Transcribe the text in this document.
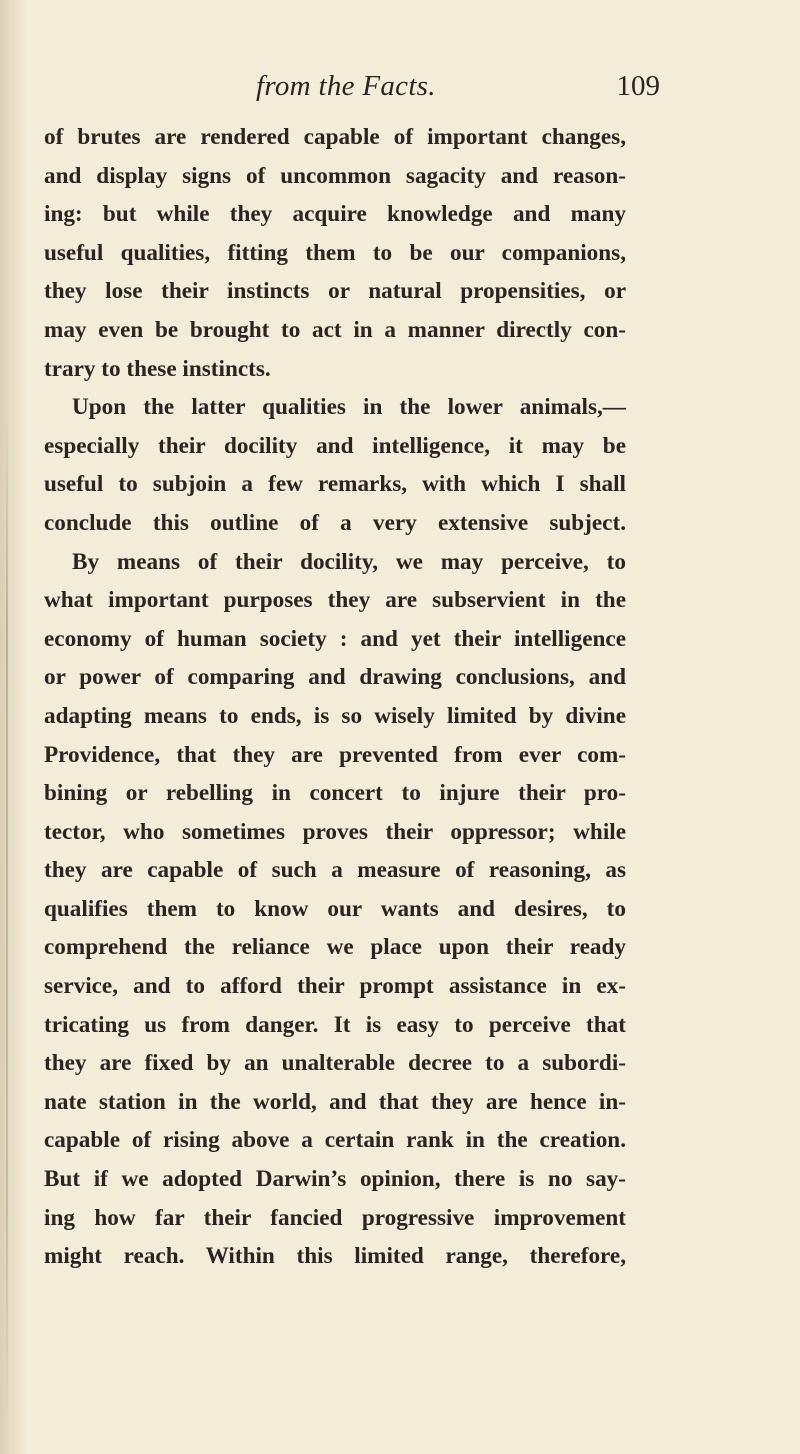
from the Facts.	109
of brutes are rendered capable of important changes,
and display signs of uncommon sagacity and reason-
ing: but while they acquire knowledge and many
useful qualities, fitting them to be our companions,
they lose their instincts or natural propensities, or
may even be brought to act in a manner directly con-
trary to these instincts.
Upon the latter qualities in the lower animals,—
especially their docility and intelligence, it may be
useful to subjoin a few remarks, with which I shall
conclude this outline of a very extensive subject.
By means of their docility, we may perceive, to
what important purposes they are subservient in the
economy of human society : and yet their intelligence
or power of comparing and drawing conclusions, and
adapting means to ends, is so wisely limited by divine
Providence, that they are prevented from ever com-
bining or rebelling in concert to injure their pro-
tector, who sometimes proves their oppressor; while
they are capable of such a measure of reasoning, as
qualifies them to know our wants and desires, to
comprehend the reliance we place upon their ready
service, and to afford their prompt assistance in ex-
tricating us from danger. It is easy to perceive that
they are fixed by an unalterable decree to a subordi-
nate station in the world, and that they are hence in-
capable of rising above a certain rank in the creation.
But if we adopted Darwin’s opinion, there is no say-
ing how far their fancied progressive improvement
might reach. Within this limited range, therefore,
